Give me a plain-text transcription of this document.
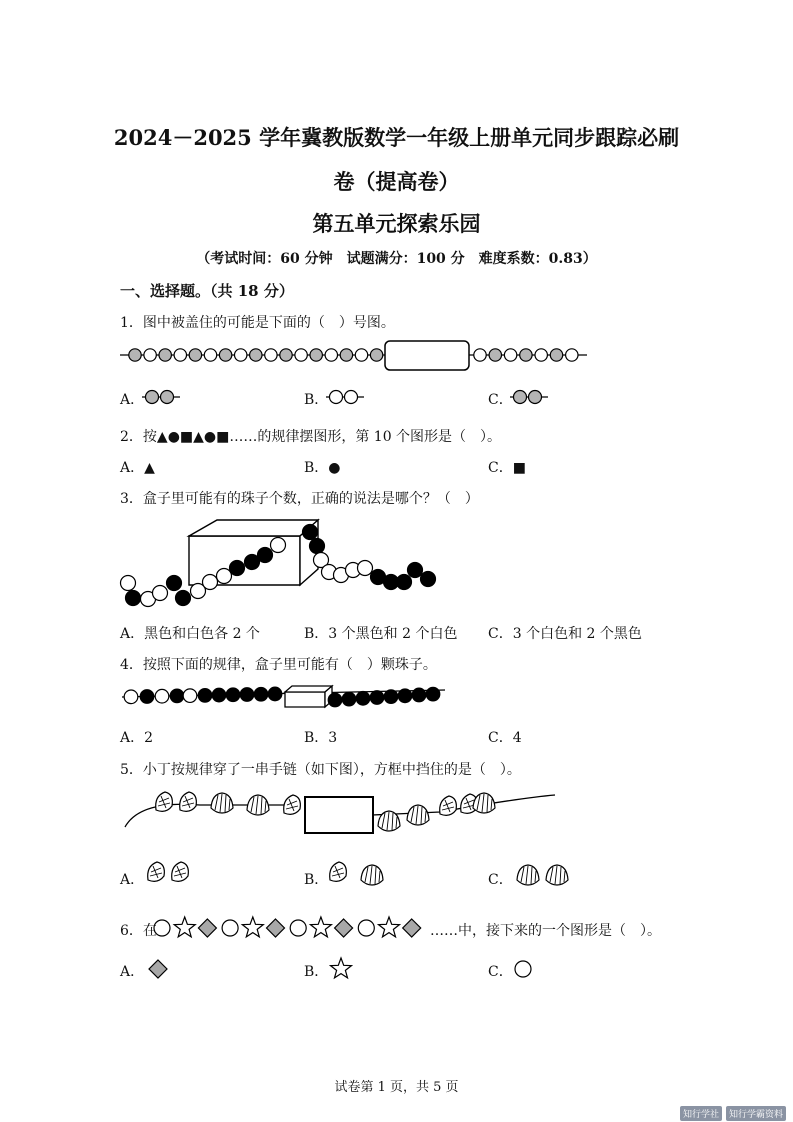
2024－2025 学年冀教版数学一年级上册单元同步跟踪必刷
卷（提高卷）
第五单元探索乐园
（考试时间：60 分钟　试题满分：100 分　难度系数：0.83）
一、选择题。（共 18 分）
1．图中被盖住的可能是下面的（　）号图。
A．	B．	C．
2．按▲●■▲●■……的规律摆图形，第 10 个图形是（　）。
A．▲	B．●	C．■
3．盒子里可能有的珠子个数，正确的说法是哪个？（　）
A．黑色和白色各 2 个	B．3 个黑色和 2 个白色 C．3 个白色和 2 个黑色
4．按照下面的规律，盒子里可能有（　）颗珠子。
A．2	B．3	C．4
5．小丁按规律穿了一串手链（如下图），方框中挡住的是（　）。
A．	B．	C．
6．在	……中，接下来的一个图形是（　）。
A．	B．	C．
试卷第 1 页，共 5 页
知行学社	知行学霸资料
